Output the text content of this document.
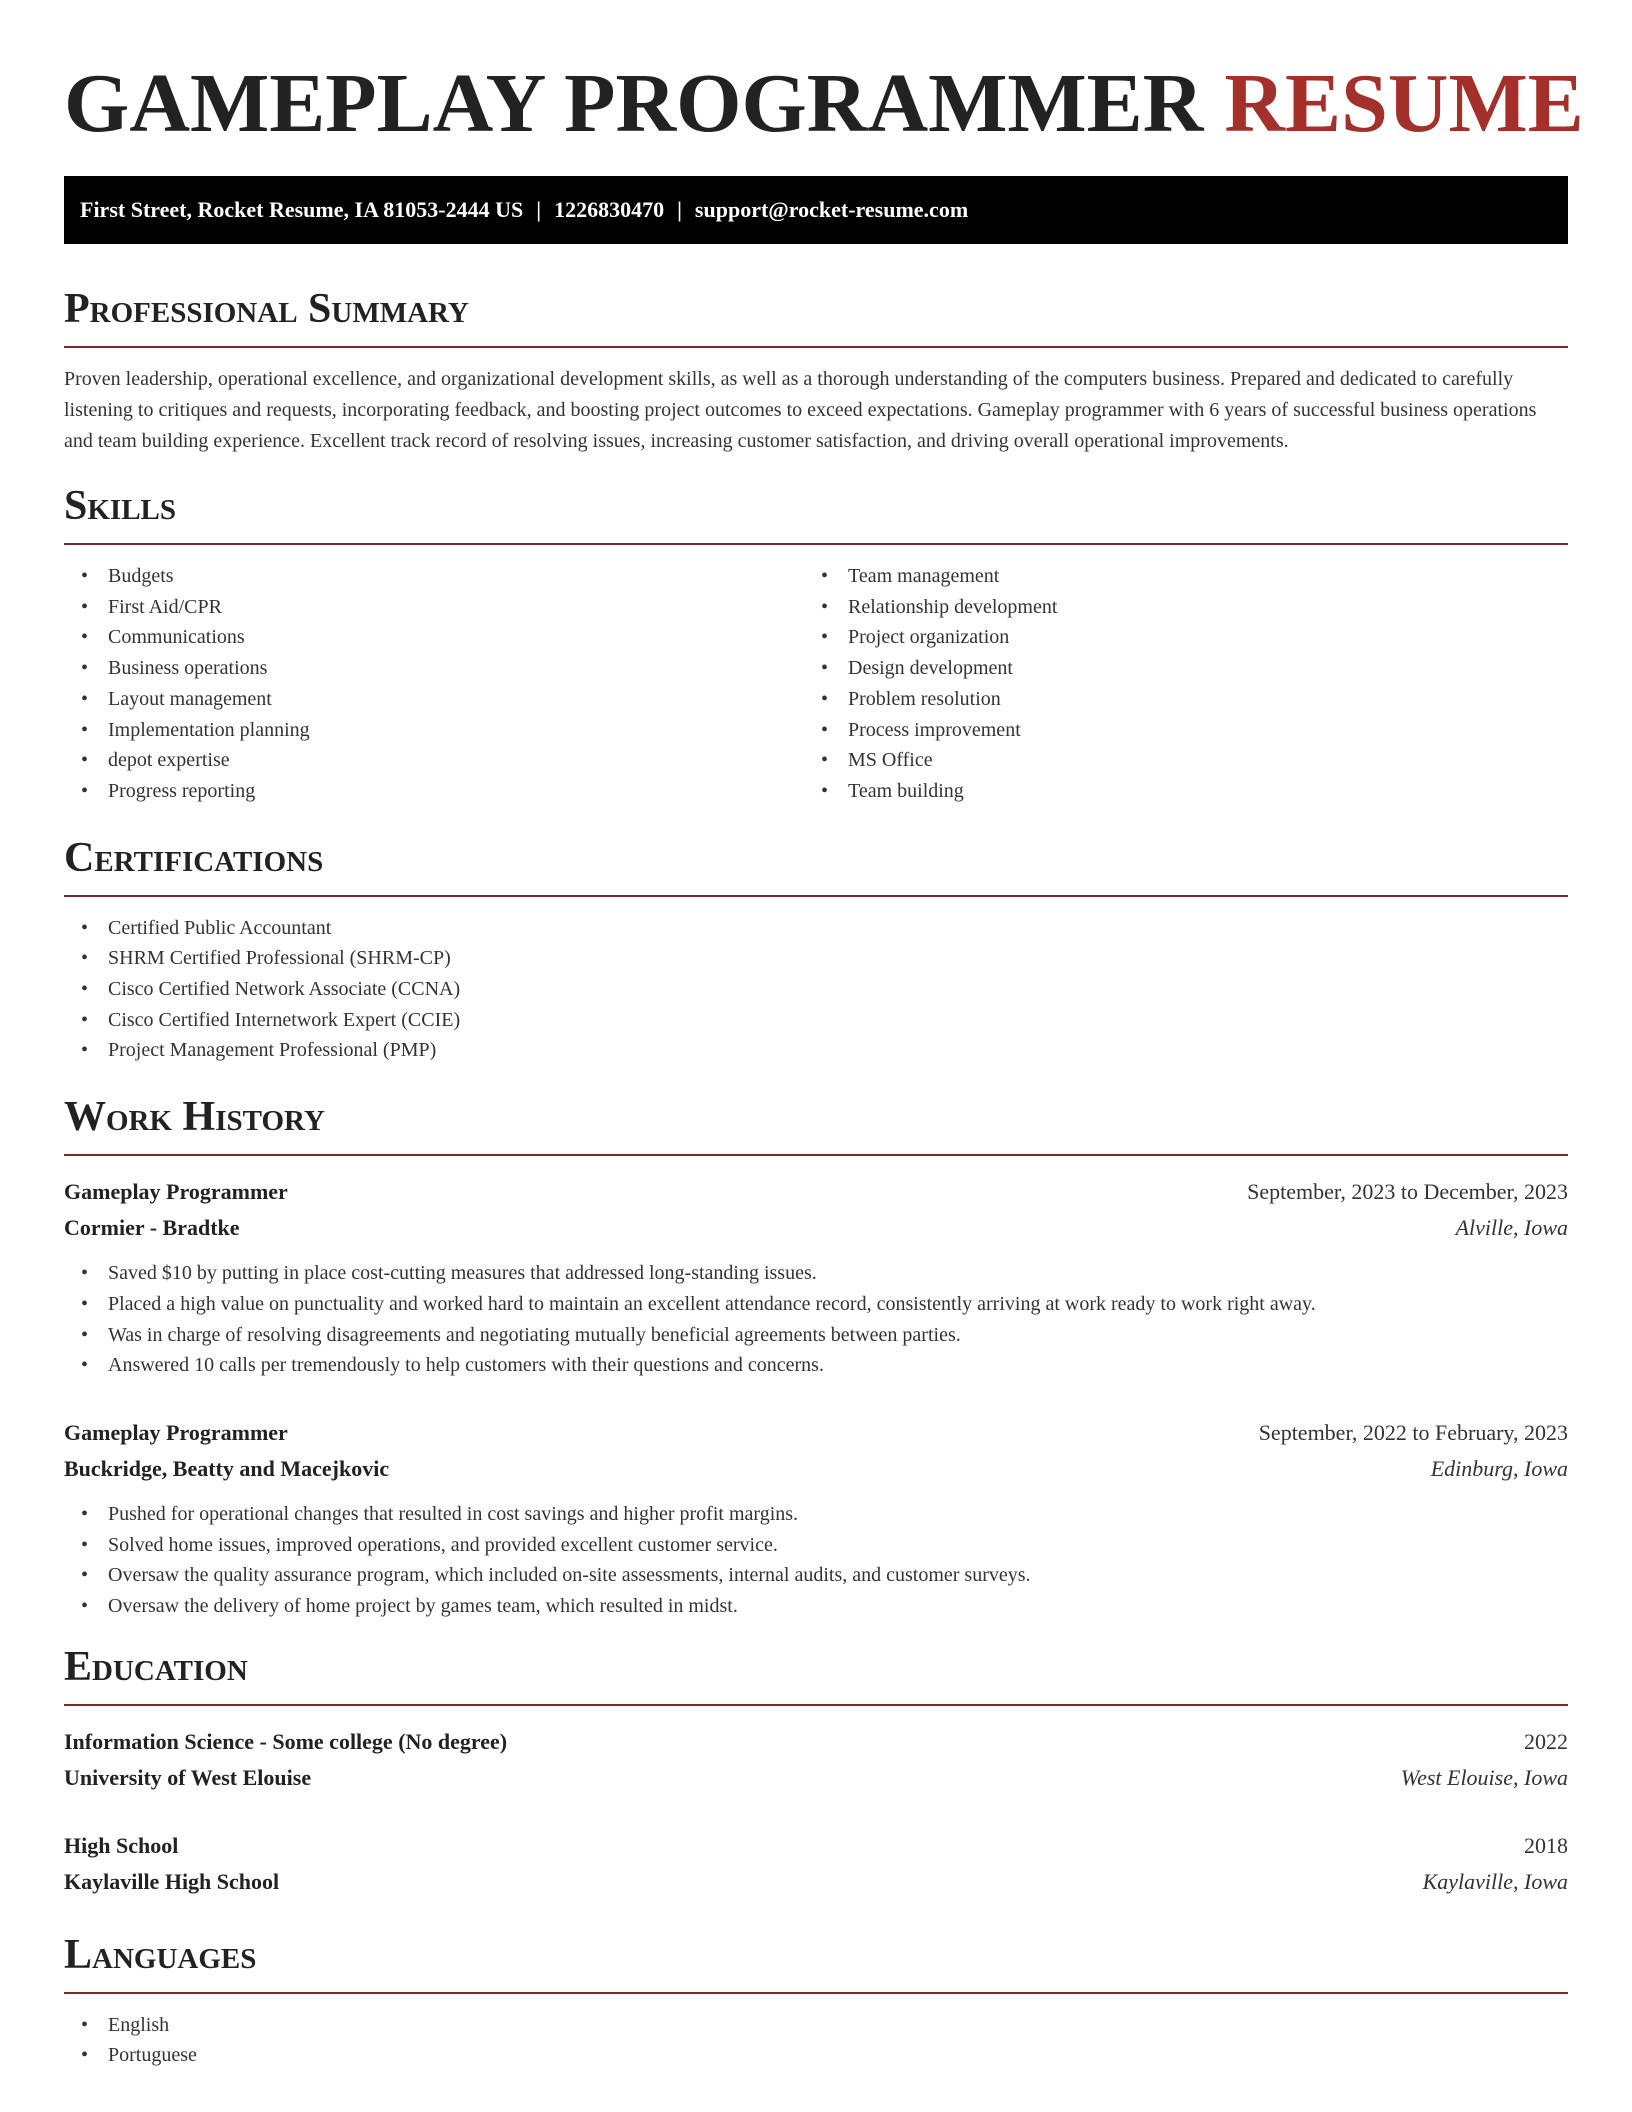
GAMEPLAY PROGRAMMER RESUME
First Street, Rocket Resume, IA 81053-2444 US | 1226830470 | support@rocket-resume.com
Professional Summary

Proven leadership, operational excellence, and organizational development skills, as well as a thorough understanding of the computers business. Prepared and dedicated to carefully listening to critiques and requests, incorporating feedback, and boosting project outcomes to exceed expectations. Gameplay programmer with 6 years of successful business operations and team building experience. Excellent track record of resolving issues, increasing customer satisfaction, and driving overall operational improvements.

Skills
• Budgets
• First Aid/CPR
• Communications
• Business operations
• Layout management
• Implementation planning
• depot expertise
• Progress reporting
• Team management
• Relationship development
• Project organization
• Design development
• Problem resolution
• Process improvement
• MS Office
• Team building
Certifications
• Certified Public Accountant
• SHRM Certified Professional (SHRM-CP)
• Cisco Certified Network Associate (CCNA)
• Cisco Certified Internetwork Expert (CCIE)
• Project Management Professional (PMP)
Work History
Gameplay Programmer	September, 2023 to December, 2023
Cormier - Bradtke	Alville, Iowa
• Saved $10 by putting in place cost-cutting measures that addressed long-standing issues.
• Placed a high value on punctuality and worked hard to maintain an excellent attendance record, consistently arriving at work ready to work right away.
• Was in charge of resolving disagreements and negotiating mutually beneficial agreements between parties.
• Answered 10 calls per tremendously to help customers with their questions and concerns.
Gameplay Programmer	September, 2022 to February, 2023
Buckridge, Beatty and Macejkovic	Edinburg, Iowa
• Pushed for operational changes that resulted in cost savings and higher profit margins.
• Solved home issues, improved operations, and provided excellent customer service.
• Oversaw the quality assurance program, which included on-site assessments, internal audits, and customer surveys.
• Oversaw the delivery of home project by games team, which resulted in midst.
Education
Information Science - Some college (No degree)	2022
University of West Elouise	West Elouise, Iowa
High School	2018
Kaylaville High School	Kaylaville, Iowa
Languages
• English
• Portuguese
